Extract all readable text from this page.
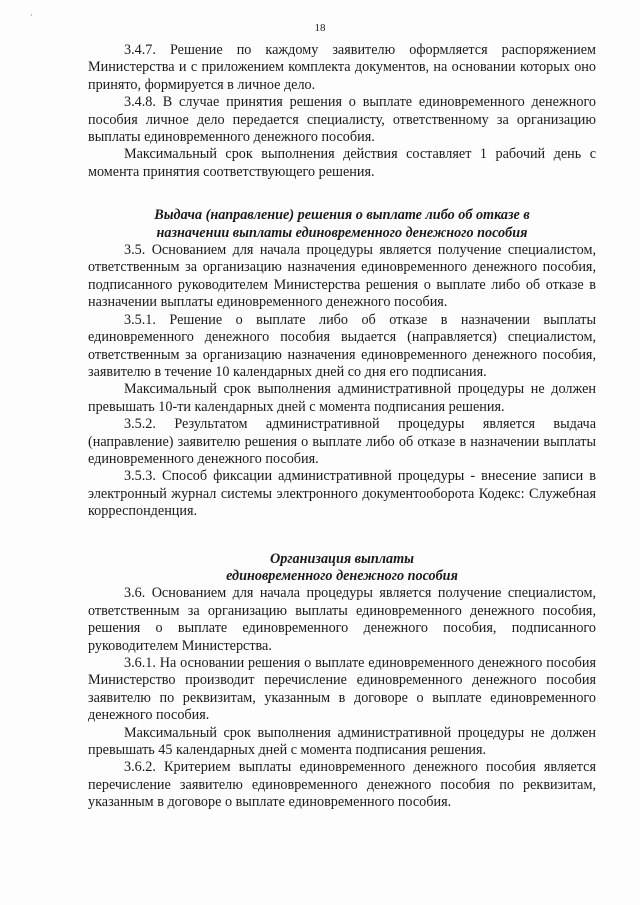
·
18

3.4.7. Решение по каждому заявителю оформляется распоряжением Министерства и с приложением комплекта документов, на основании которых оно принято, формируется в личное дело.

3.4.8. В случае принятия решения о выплате единовременного денежного пособия личное дело передается специалисту, ответственному за организацию выплаты единовременного денежного пособия.

Максимальный срок выполнения действия составляет 1 рабочий день с момента принятия соответствующего решения.

Выдача (направление) решения о выплате либо об отказе в
назначении выплаты единовременного денежного пособия

3.5. Основанием для начала процедуры является получение специалистом, ответственным за организацию назначения единовременного денежного пособия, подписанного руководителем Министерства решения о выплате либо об отказе в назначении выплаты единовременного денежного пособия.

3.5.1. Решение о выплате либо об отказе в назначении выплаты единовременного денежного пособия выдается (направляется) специалистом, ответственным за организацию назначения единовременного денежного пособия, заявителю в течение 10 календарных дней со дня его подписания.

Максимальный срок выполнения административной процедуры не должен превышать 10-ти календарных дней с момента подписания решения.

3.5.2. Результатом административной процедуры является выдача (направление) заявителю решения о выплате либо об отказе в назначении выплаты единовременного денежного пособия.

3.5.3. Способ фиксации административной процедуры - внесение записи в электронный журнал системы электронного документооборота Кодекс: Служебная корреспонденция.

Организация выплаты
единовременного денежного пособия

3.6. Основанием для начала процедуры является получение специалистом, ответственным за организацию выплаты единовременного денежного пособия, решения о выплате единовременного денежного пособия, подписанного руководителем Министерства.

3.6.1. На основании решения о выплате единовременного денежного пособия Министерство производит перечисление единовременного денежного пособия заявителю по реквизитам, указанным в договоре о выплате единовременного денежного пособия.

Максимальный срок выполнения административной процедуры не должен превышать 45 календарных дней с момента подписания решения.

3.6.2. Критерием выплаты единовременного денежного пособия является перечисление заявителю единовременного денежного пособия по реквизитам, указанным в договоре о выплате единовременного пособия.
